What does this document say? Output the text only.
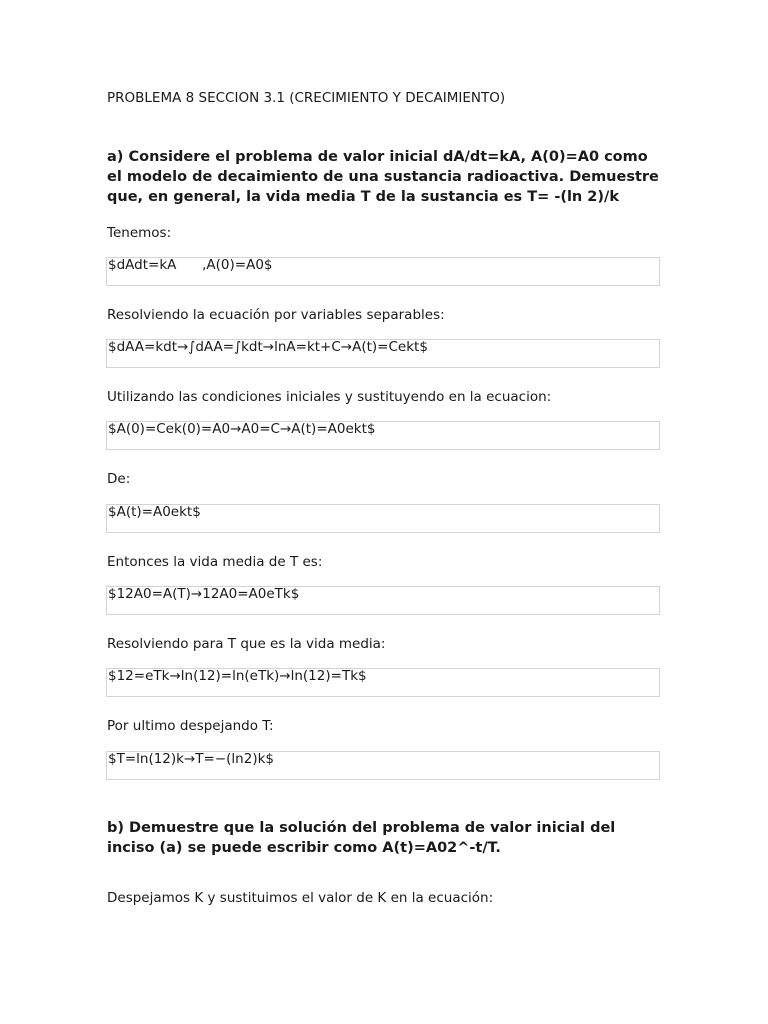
PROBLEMA 8 SECCION 3.1 (CRECIMIENTO Y DECAIMIENTO)

a) Considere el problema de valor inicial dA/dt=kA, A(0)=A0 como el modelo de decaimiento de una sustancia radioactiva. Demuestre que, en general, la vida media T de la sustancia es T= -(ln 2)/k

Tenemos:

$dAdt=kA      ,A(0)=A0$

Resolviendo la ecuación por variables separables:

$dAA=kdt→∫dAA=∫kdt→lnA=kt+C→A(t)=Cekt$

Utilizando las condiciones iniciales y sustituyendo en la ecuacion:

$A(0)=Cek(0)=A0→A0=C→A(t)=A0ekt$

De:

$A(t)=A0ekt$

Entonces la vida media de T es:

$12A0=A(T)→12A0=A0eTk$

Resolviendo para T que es la vida media:

$12=eTk→ln(12)=ln(eTk)→ln(12)=Tk$

Por ultimo despejando T:

$T=ln(12)k→T=−(ln2)k$

b) Demuestre que la solución del problema de valor inicial del inciso (a) se puede escribir como A(t)=A02^-t/T.

Despejamos K y sustituimos el valor de K en la ecuación:
